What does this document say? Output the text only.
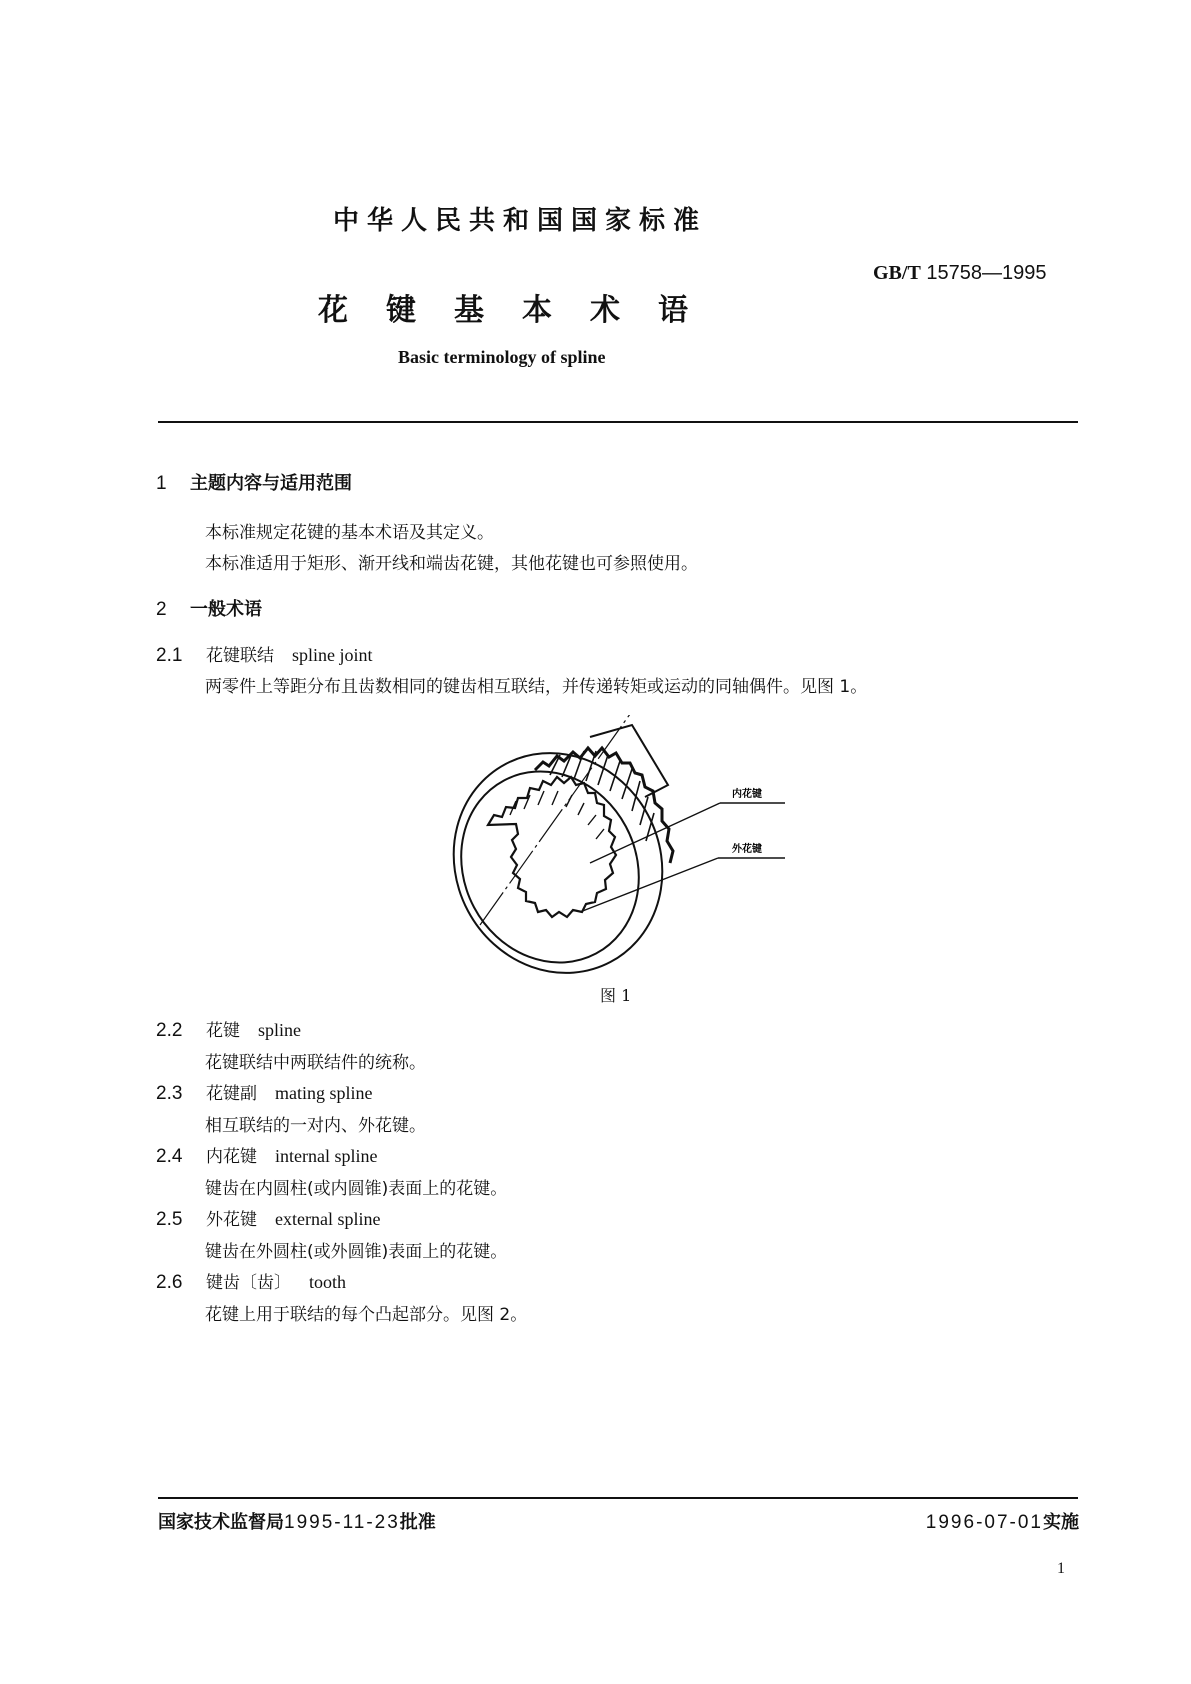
中华人民共和国国家标准
GB/T 15758—1995
花键基本术语
Basic terminology of spline
1 主题内容与适用范围
本标准规定花键的基本术语及其定义。
本标准适用于矩形、渐开线和端齿花键，其他花键也可参照使用。
2 一般术语
2.1 花键联结 spline joint
两零件上等距分布且齿数相同的键齿相互联结，并传递转矩或运动的同轴偶件。见图 1。
内花键
外花键
图 1
2.2 花键 spline
花键联结中两联结件的统称。
2.3 花键副 mating spline
相互联结的一对内、外花键。
2.4 内花键 internal spline
键齿在内圆柱(或内圆锥)表面上的花键。
2.5 外花键 external spline
键齿在外圆柱(或外圆锥)表面上的花键。
2.6 键齿〔齿〕 tooth
花键上用于联结的每个凸起部分。见图 2。
国家技术监督局1995-11-23批准	1996-07-01实施
1
